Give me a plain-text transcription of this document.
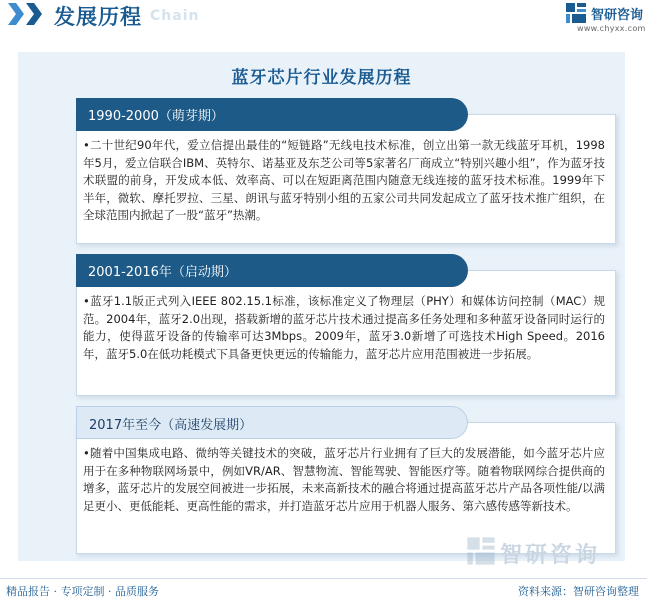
发展历程 Chain	智研咨询
www.chyxx.com
蓝牙芯片行业发展历程
•二十世纪90年代，爱立信提出最佳的“短链路”无线电技术标准，创立出第一款无线蓝牙耳机，1998年5月，爱立信联合IBM、英特尔、诺基亚及东芝公司等5家著名厂商成立“特别兴趣小组”，作为蓝牙技术联盟的前身，开发成本低、效率高、可以在短距离范围内随意无线连接的蓝牙技术标准。1999年下半年，微软、摩托罗拉、三星、朗讯与蓝牙特别小组的五家公司共同发起成立了蓝牙技术推广组织，在全球范围内掀起了一股“蓝牙”热潮。
1990-2000（萌芽期）
•蓝牙1.1版正式列入IEEE 802.15.1标准，该标准定义了物理层（PHY）和媒体访问控制（MAC）规范。2004年，蓝牙2.0出现，搭载新增的蓝牙芯片技术通过提高多任务处理和多种蓝牙设备同时运行的能力，使得蓝牙设备的传输率可达3Mbps。2009年，蓝牙3.0新增了可选技术High Speed。2016年，蓝牙5.0在低功耗模式下具备更快更远的传输能力，蓝牙芯片应用范围被进一步拓展。
2001-2016年（启动期）
•随着中国集成电路、微纳等关键技术的突破，蓝牙芯片行业拥有了巨大的发展潜能，如今蓝牙芯片应用于在多种物联网场景中，例如VR/AR、智慧物流、智能驾驶、智能医疗等。随着物联网综合提供商的增多，蓝牙芯片的发展空间被进一步拓展，未来高新技术的融合将通过提高蓝牙芯片产品各项性能/以满足更小、更低能耗、更高性能的需求，并打造蓝牙芯片应用于机器人服务、第六感传感等新技术。
2017年至今（高速发展期）
智研咨询
精品报告 · 专项定制 · 品质服务	资料来源：智研咨询整理
